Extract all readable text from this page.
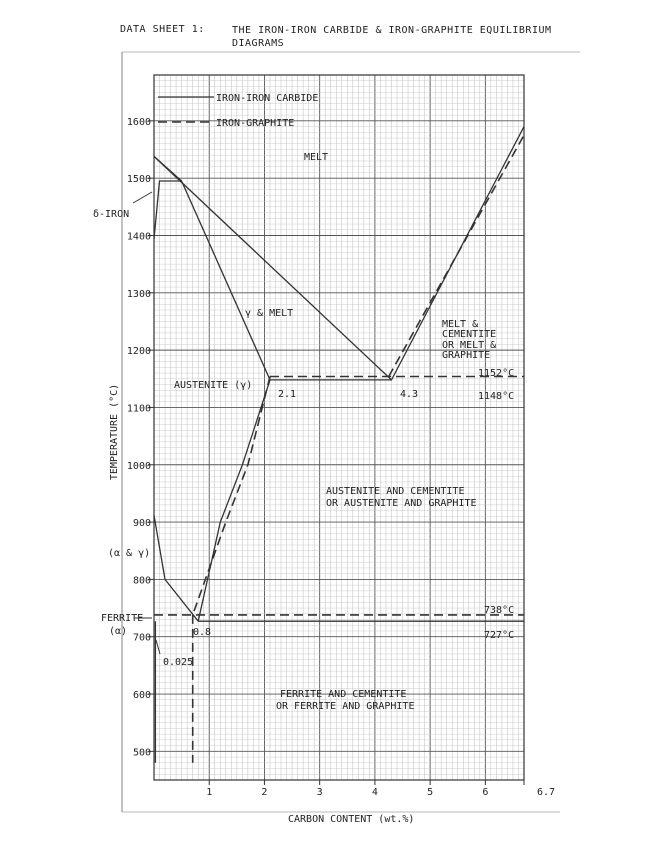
DATA SHEET 1:	THE IRON-IRON CARBIDE & IRON-GRAPHITE EQUILIBRIUM
DIAGRAMS
500
600
700
800
900
1000
1100
1200
1300
1400
1500
1600
1	2	3	4	5	6	6.7
IRON-IRON CARBIDE
IRON-GRAPHITE
CARBON CONTENT (wt.%)
TEMPERATURE (°C)
MELT
γ & MELT
AUSTENITE (γ)
δ-IRON
(α & γ)
FERRITE
(α)
2.1	4.3
0.8
0.025
1152°C
1148°C
738°C
727°C
MELT &
CEMENTITE
OR MELT &
GRAPHITE
AUSTENITE AND CEMENTITE
OR AUSTENITE AND GRAPHITE
FERRITE AND CEMENTITE
OR FERRITE AND GRAPHITE
